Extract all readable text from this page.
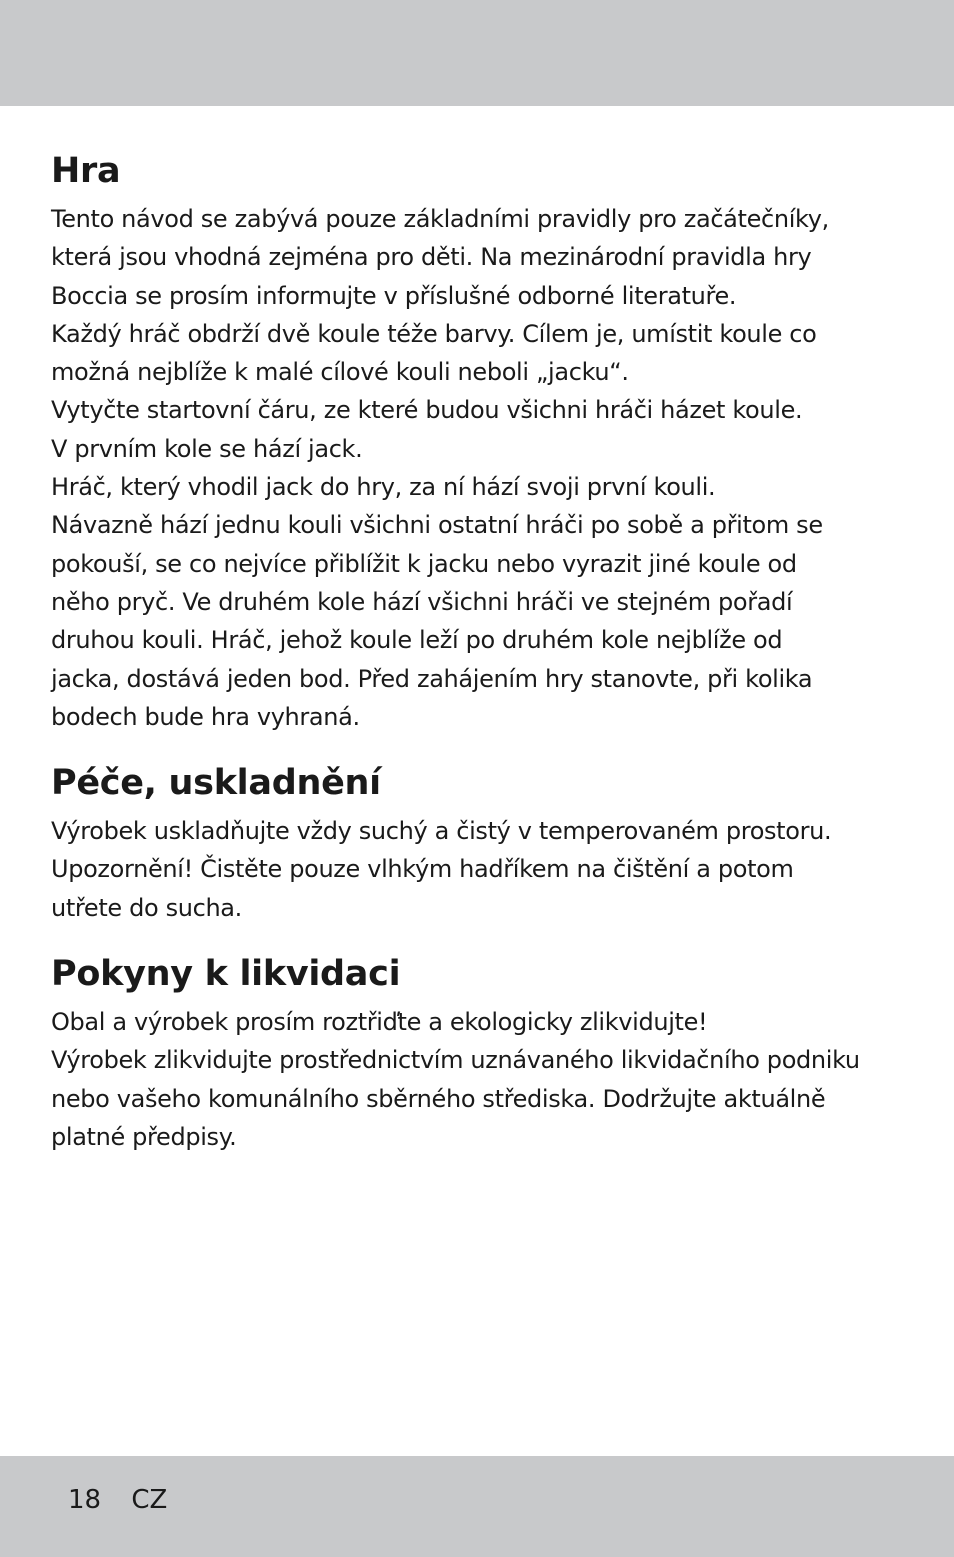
Hra

Tento návod se zabývá pouze základními pravidly pro začátečníky,
která jsou vhodná zejména pro děti. Na mezinárodní pravidla hry
Boccia se prosím informujte v příslušné odborné literatuře.
Každý hráč obdrží dvě koule téže barvy. Cílem je, umístit koule co
možná nejblíže k malé cílové kouli neboli „jacku“.
Vytyčte startovní čáru, ze které budou všichni hráči házet koule.
V prvním kole se hází jack.
Hráč, který vhodil jack do hry, za ní hází svoji první kouli.
Návazně hází jednu kouli všichni ostatní hráči po sobě a přitom se
pokouší, se co nejvíce přiblížit k jacku nebo vyrazit jiné koule od
něho pryč. Ve druhém kole hází všichni hráči ve stejném pořadí
druhou kouli. Hráč, jehož koule leží po druhém kole nejblíže od
jacka, dostává jeden bod. Před zahájením hry stanovte, při kolika
bodech bude hra vyhraná.

Péče, uskladnění

Výrobek uskladňujte vždy suchý a čistý v temperovaném prostoru.
Upozornění! Čistěte pouze vlhkým hadříkem na čištění a potom
utřete do sucha.

Pokyny k likvidaci

Obal a výrobek prosím roztřiďte a ekologicky zlikvidujte!
Výrobek zlikvidujte prostřednictvím uznávaného likvidačního podniku
nebo vašeho komunálního sběrného střediska. Dodržujte aktuálně
platné předpisy.

18 CZ
